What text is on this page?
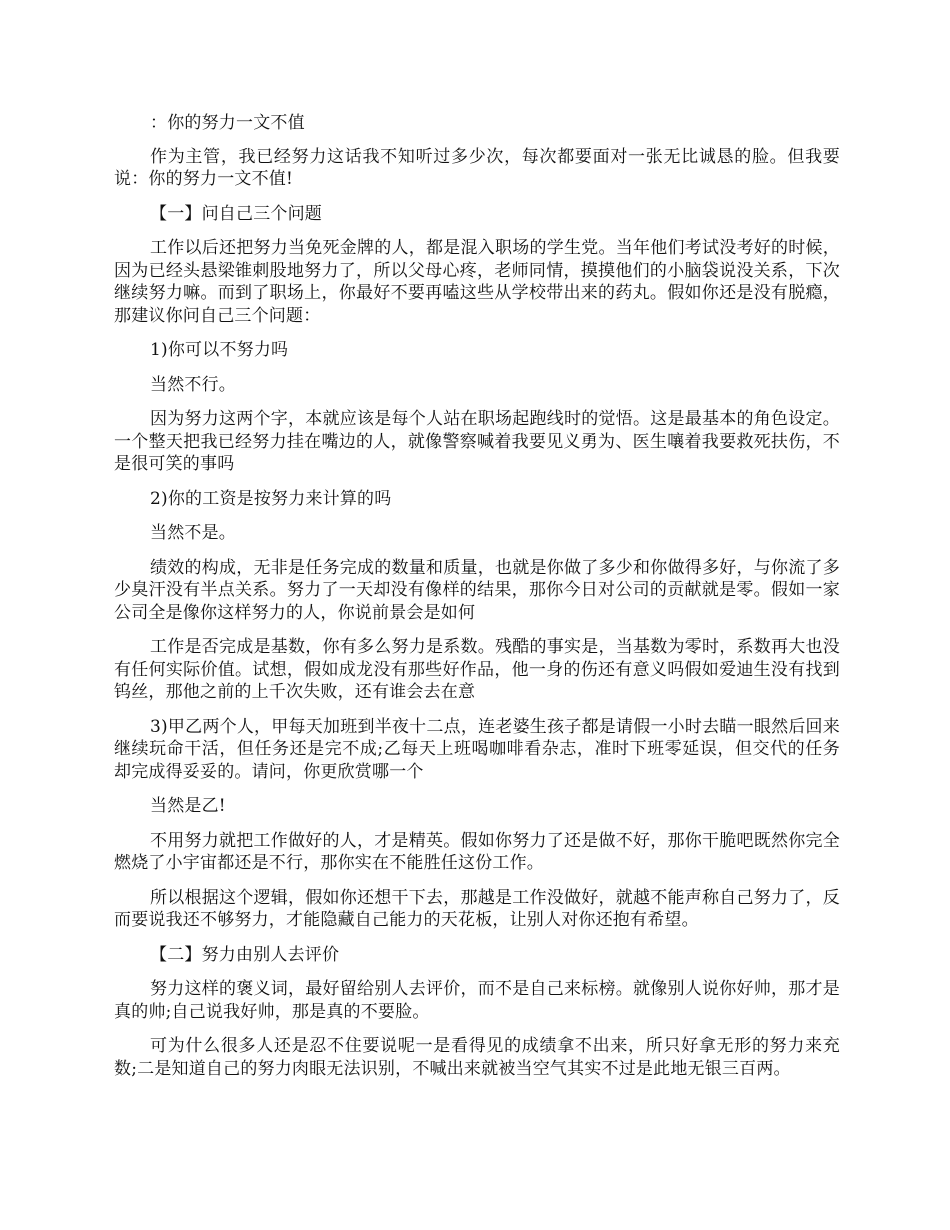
：你的努力一文不值

作为主管，我已经努力这话我不知听过多少次，每次都要面对一张无比诚恳的脸。但我要说：你的努力一文不值!

【一】问自己三个问题

工作以后还把努力当免死金牌的人，都是混入职场的学生党。当年他们考试没考好的时候，因为已经头悬梁锥刺股地努力了，所以父母心疼，老师同情，摸摸他们的小脑袋说没关系，下次继续努力嘛。而到了职场上，你最好不要再嗑这些从学校带出来的药丸。假如你还是没有脱瘾，那建议你问自己三个问题：

1)你可以不努力吗

当然不行。

因为努力这两个字，本就应该是每个人站在职场起跑线时的觉悟。这是最基本的角色设定。一个整天把我已经努力挂在嘴边的人，就像警察喊着我要见义勇为、医生嚷着我要救死扶伤，不是很可笑的事吗

2)你的工资是按努力来计算的吗

当然不是。

绩效的构成，无非是任务完成的数量和质量，也就是你做了多少和你做得多好，与你流了多少臭汗没有半点关系。努力了一天却没有像样的结果，那你今日对公司的贡献就是零。假如一家公司全是像你这样努力的人，你说前景会是如何

工作是否完成是基数，你有多么努力是系数。残酷的事实是，当基数为零时，系数再大也没有任何实际价值。试想，假如成龙没有那些好作品，他一身的伤还有意义吗假如爱迪生没有找到钨丝，那他之前的上千次失败，还有谁会去在意

3)甲乙两个人，甲每天加班到半夜十二点，连老婆生孩子都是请假一小时去瞄一眼然后回来继续玩命干活，但任务还是完不成;乙每天上班喝咖啡看杂志，准时下班零延误，但交代的任务却完成得妥妥的。请问，你更欣赏哪一个

当然是乙!

不用努力就把工作做好的人，才是精英。假如你努力了还是做不好，那你干脆吧既然你完全燃烧了小宇宙都还是不行，那你实在不能胜任这份工作。

所以根据这个逻辑，假如你还想干下去，那越是工作没做好，就越不能声称自己努力了，反而要说我还不够努力，才能隐藏自己能力的天花板，让别人对你还抱有希望。

【二】努力由别人去评价

努力这样的褒义词，最好留给别人去评价，而不是自己来标榜。就像别人说你好帅，那才是真的帅;自己说我好帅，那是真的不要脸。

可为什么很多人还是忍不住要说呢一是看得见的成绩拿不出来，所只好拿无形的努力来充数;二是知道自己的努力肉眼无法识别，不喊出来就被当空气其实不过是此地无银三百两。
